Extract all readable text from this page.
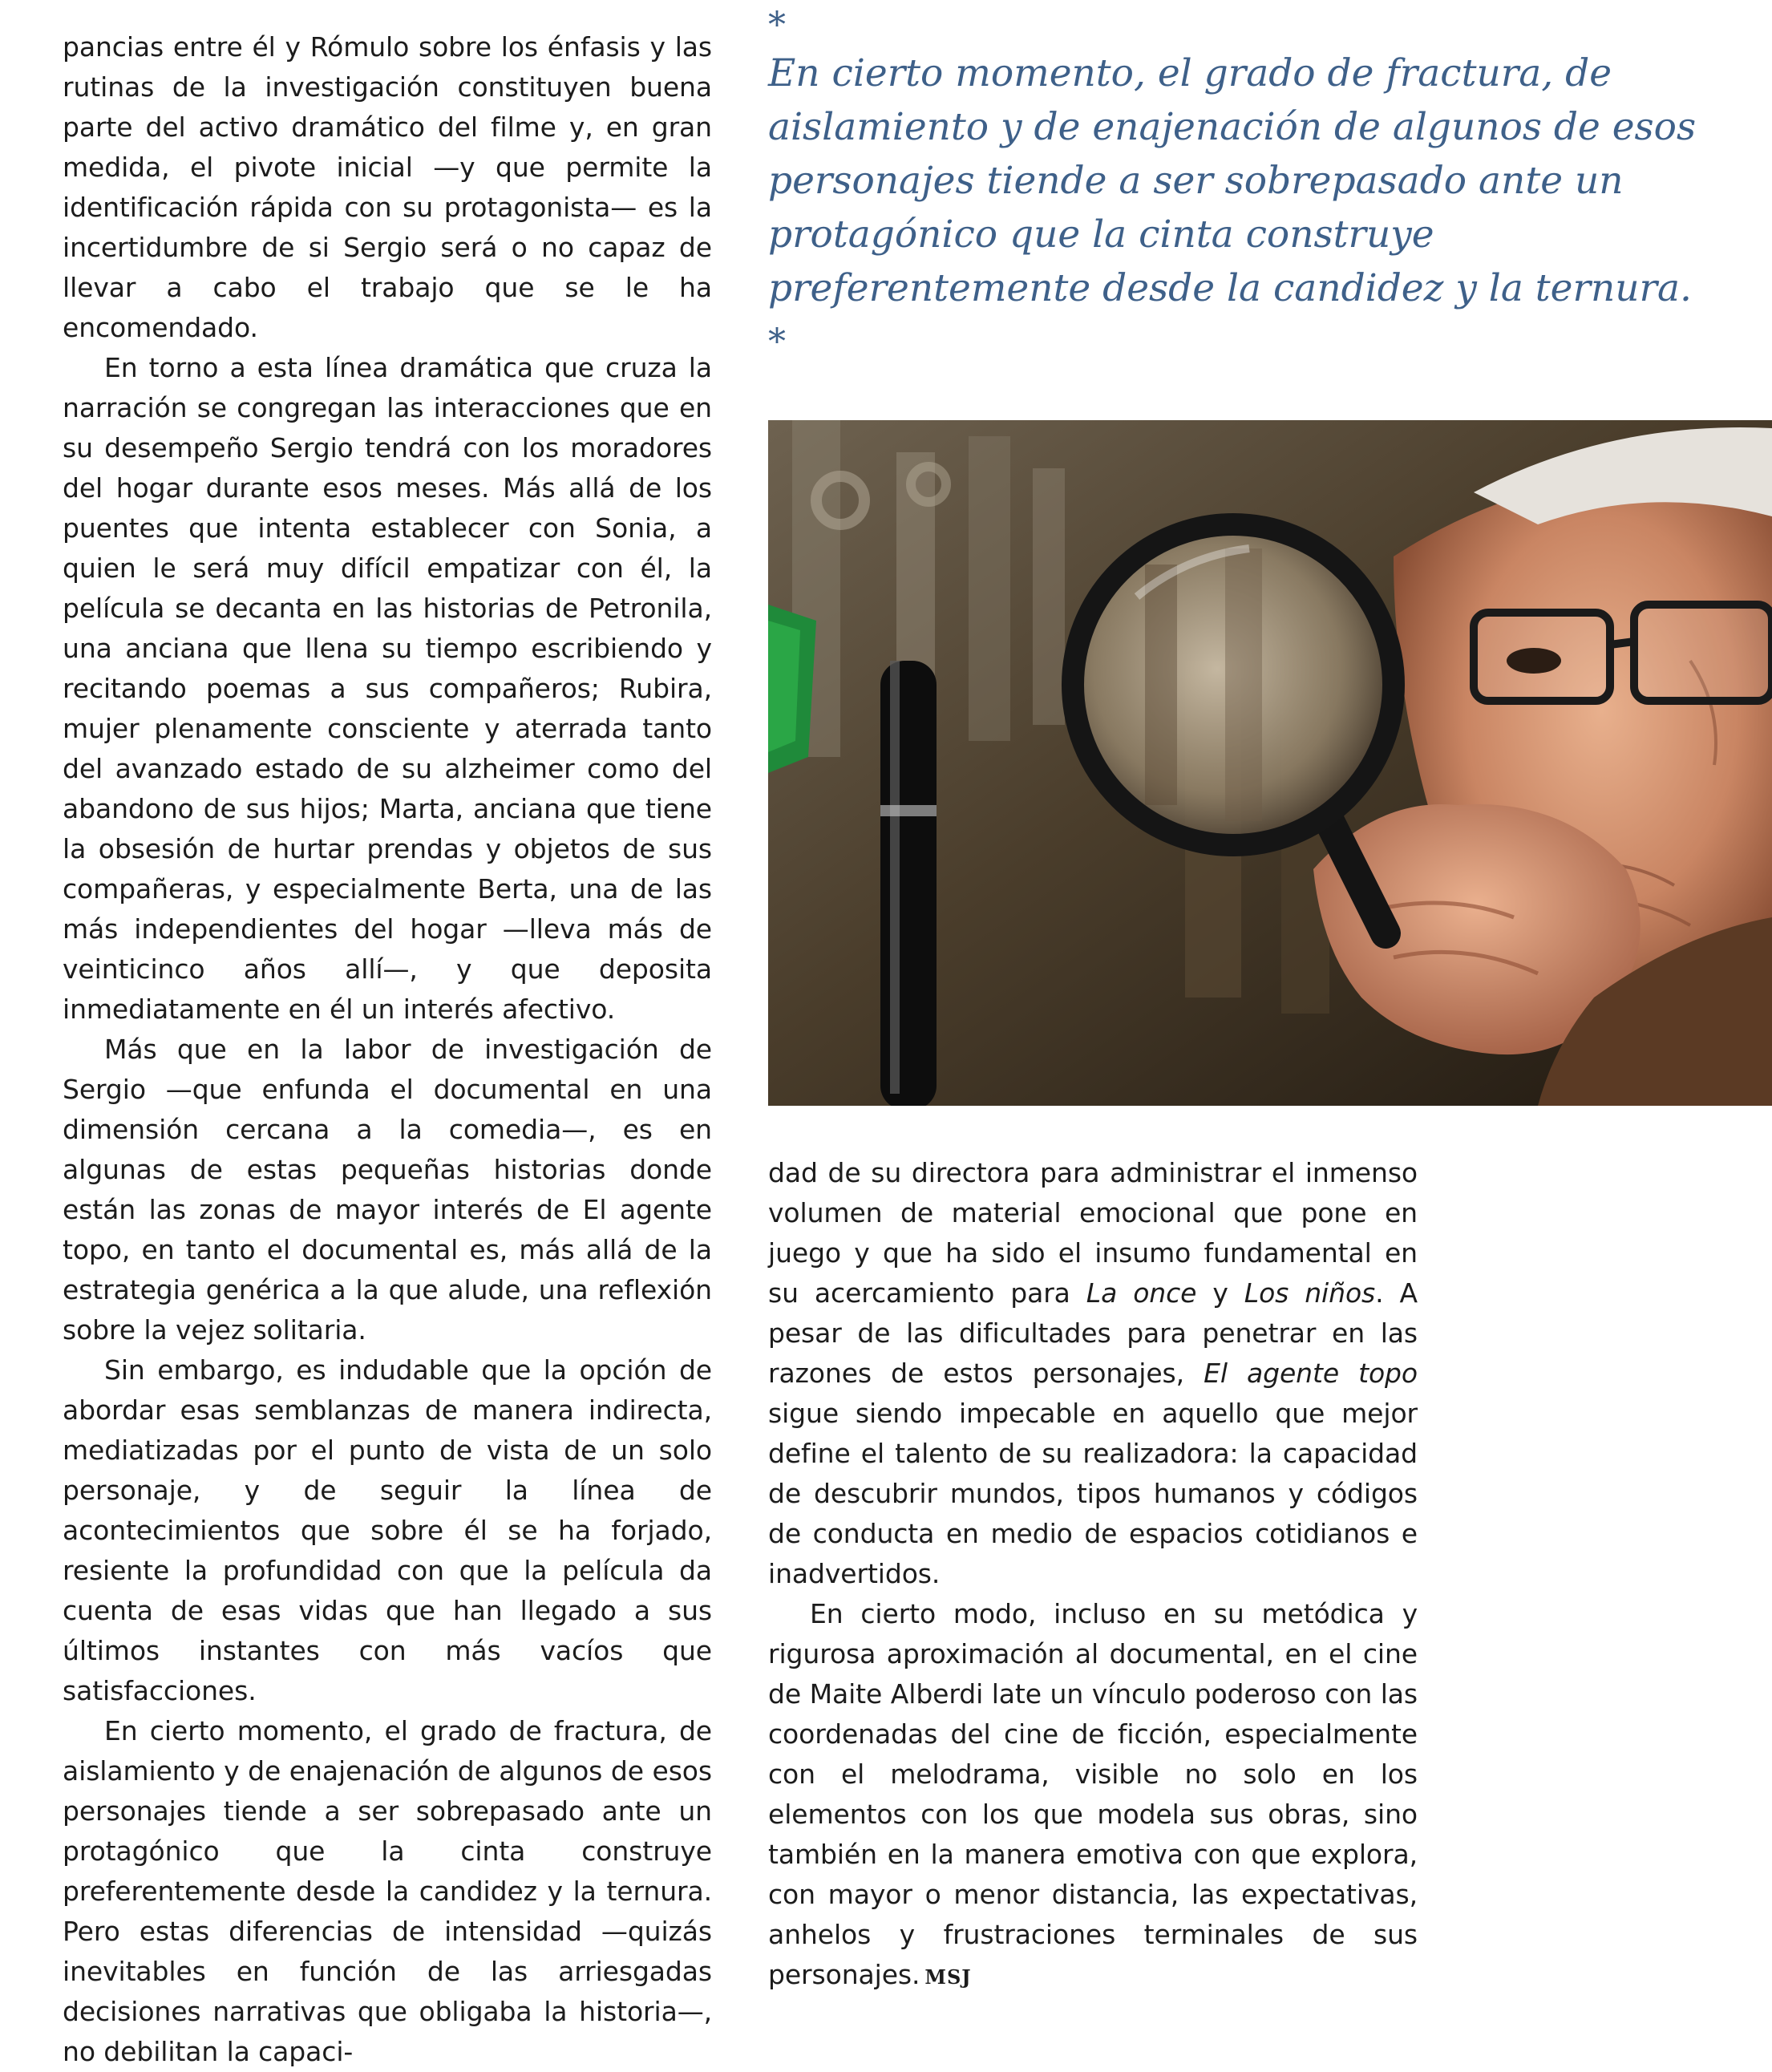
pancias entre él y Rómulo sobre los énfasis y las rutinas de la investigación constituyen buena parte del activo dramático del filme y, en gran medida, el pivote inicial —y que permite la identificación rápida con su protagonista— es la incertidumbre de si Sergio será o no capaz de llevar a cabo el trabajo que se le ha encomendado.

En torno a esta línea dramática que cruza la narración se congregan las interacciones que en su desempeño Sergio tendrá con los moradores del hogar durante esos meses. Más allá de los puentes que intenta establecer con Sonia, a quien le será muy difícil empatizar con él, la película se decanta en las historias de Petronila, una anciana que llena su tiempo escribiendo y recitando poemas a sus compañeros; Rubira, mujer plenamente consciente y aterrada tanto del avanzado estado de su alzheimer como del abandono de sus hijos; Marta, anciana que tiene la obsesión de hurtar prendas y objetos de sus compañeras, y especialmente Berta, una de las más independientes del hogar —lleva más de veinticinco años allí—, y que deposita inmediatamente en él un interés afectivo.

Más que en la labor de investigación de Sergio —que enfunda el documental en una dimensión cercana a la comedia—, es en algunas de estas pequeñas historias donde están las zonas de mayor interés de El agente topo, en tanto el documental es, más allá de la estrategia genérica a la que alude, una reflexión sobre la vejez solitaria.

Sin embargo, es indudable que la opción de abordar esas semblanzas de manera indirecta, mediatizadas por el punto de vista de un solo personaje, y de seguir la línea de acontecimientos que sobre él se ha forjado, resiente la profundidad con que la película da cuenta de esas vidas que han llegado a sus últimos instantes con más vacíos que satisfacciones.

En cierto momento, el grado de fractura, de aislamiento y de enajenación de algunos de esos personajes tiende a ser sobrepasado ante un protagónico que la cinta construye preferentemente desde la candidez y la ternura. Pero estas diferencias de intensidad —quizás inevitables en función de las arriesgadas decisiones narrativas que obligaba la historia—, no debilitan la capaci-

*
En cierto momento, el grado de fractura, de aislamiento y de enajenación de algunos de esos personajes tiende a ser sobrepasado ante un protagónico que la cinta construye preferentemente desde la candidez y la ternura.
*

dad de su directora para administrar el inmenso volumen de material emocional que pone en juego y que ha sido el insumo fundamental en su acercamiento para La once y Los niños. A pesar de las dificultades para penetrar en las razones de estos personajes, El agente topo sigue siendo impecable en aquello que mejor define el talento de su realizadora: la capacidad de descubrir mundos, tipos humanos y códigos de conducta en medio de espacios cotidianos e inadvertidos.

En cierto modo, incluso en su metódica y rigurosa aproximación al documental, en el cine de Maite Alberdi late un vínculo poderoso con las coordenadas del cine de ficción, especialmente con el melodrama, visible no solo en los elementos con los que modela sus obras, sino también en la manera emotiva con que explora, con mayor o menor distancia, las expectativas, anhelos y frustraciones terminales de sus personajes. MSJ
